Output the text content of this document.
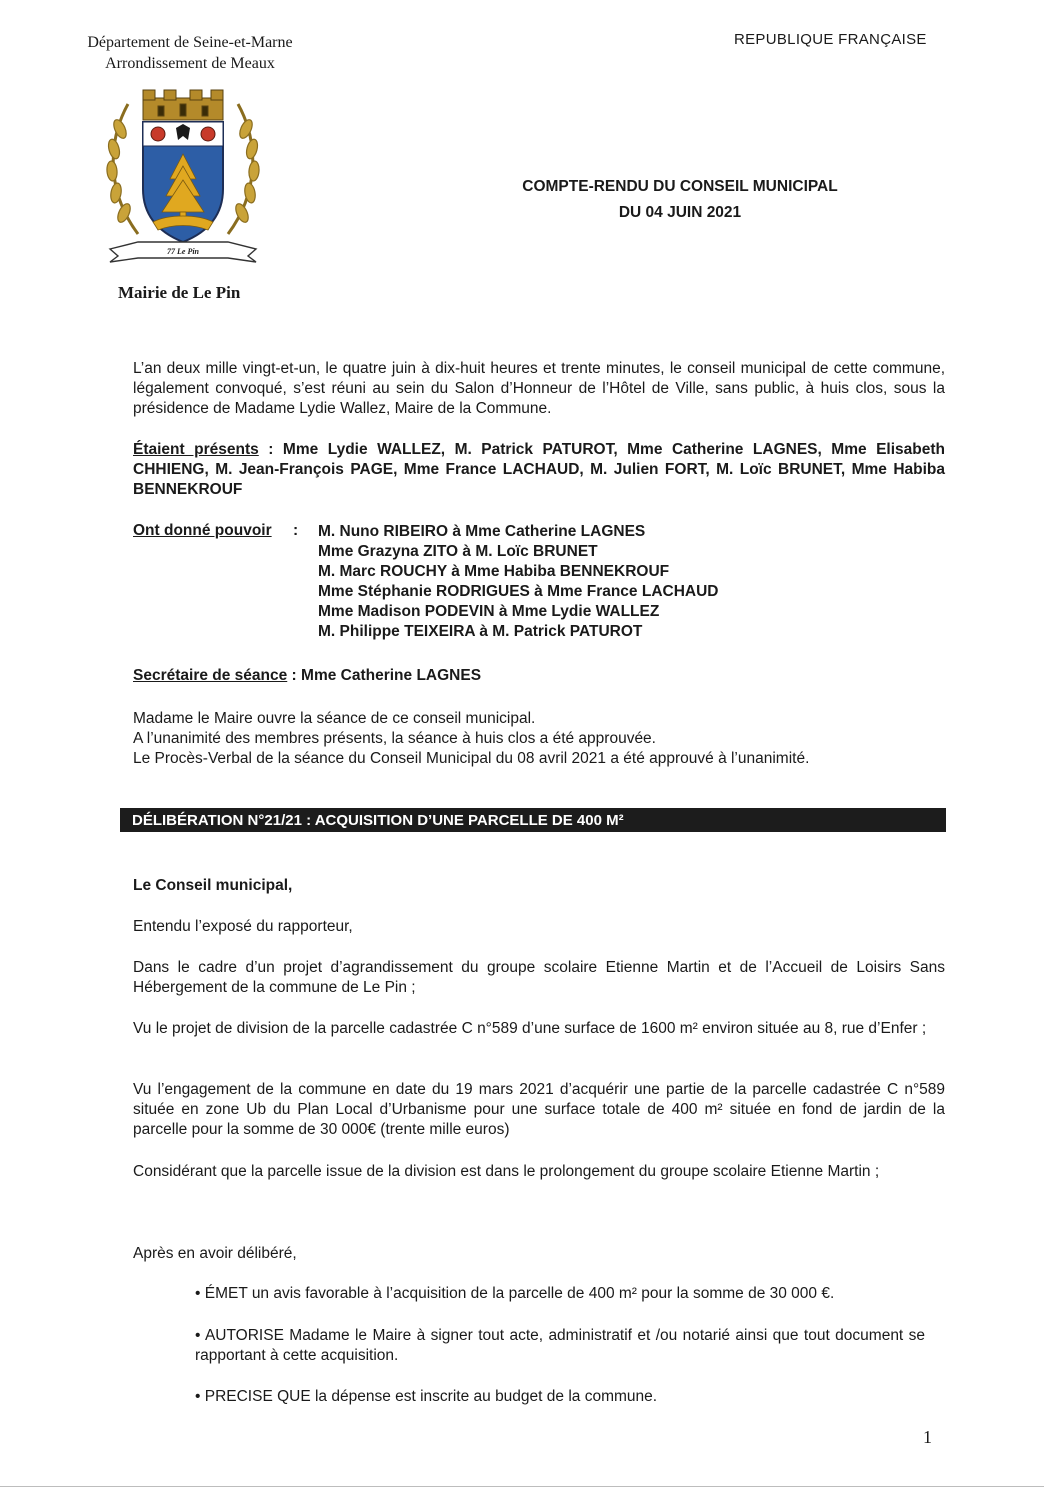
Département de Seine-et-Marne
Arrondissement de Meaux
REPUBLIQUE FRANÇAISE
77 Le Pin
Mairie de Le Pin
COMPTE-RENDU DU CONSEIL MUNICIPAL
DU 04 JUIN 2021
L’an deux mille vingt-et-un, le quatre juin à dix-huit heures et trente minutes, le conseil municipal de cette commune, légalement convoqué, s’est réuni au sein du Salon d’Honneur de l’Hôtel de Ville, sans public, à huis clos, sous la présidence de Madame Lydie Wallez, Maire de la Commune.
Étaient présents : Mme Lydie WALLEZ, M. Patrick PATUROT, Mme Catherine LAGNES, Mme Elisabeth CHHIENG, M. Jean-François PAGE, Mme France LACHAUD, M. Julien FORT, M. Loïc BRUNET, Mme Habiba BENNEKROUF
Ont donné pouvoir : M. Nuno RIBEIRO à Mme Catherine LAGNES
Mme Grazyna ZITO à M. Loïc BRUNET
M. Marc ROUCHY à Mme Habiba BENNEKROUF
Mme Stéphanie RODRIGUES à Mme France LACHAUD
Mme Madison PODEVIN à Mme Lydie WALLEZ
M. Philippe TEIXEIRA à M. Patrick PATUROT
Secrétaire de séance : Mme Catherine LAGNES
Madame le Maire ouvre la séance de ce conseil municipal.
A l’unanimité des membres présents, la séance à huis clos a été approuvée.
Le Procès-Verbal de la séance du Conseil Municipal du 08 avril 2021 a été approuvé à l’unanimité.
DÉLIBÉRATION N°21/21 : ACQUISITION D’UNE PARCELLE DE 400 M²
Le Conseil municipal,
Entendu l’exposé du rapporteur,
Dans le cadre d’un projet d’agrandissement du groupe scolaire Etienne Martin et de l’Accueil de Loisirs Sans Hébergement de la commune de Le Pin ;
Vu le projet de division de la parcelle cadastrée C n°589 d’une surface de 1600 m² environ située au 8, rue d’Enfer ;
Vu l’engagement de la commune en date du 19 mars 2021 d’acquérir une partie de la parcelle cadastrée C n°589 située en zone Ub du Plan Local d’Urbanisme pour une surface totale de 400 m² située en fond de jardin de la parcelle pour la somme de 30 000€ (trente mille euros)
Considérant que la parcelle issue de la division est dans le prolongement du groupe scolaire Etienne Martin ;
Après en avoir délibéré,
• ÉMET un avis favorable à l’acquisition de la parcelle de 400 m² pour la somme de 30 000 €.
• AUTORISE Madame le Maire à signer tout acte, administratif et /ou notarié ainsi que tout document se rapportant à cette acquisition.
• PRECISE QUE la dépense est inscrite au budget de la commune.
1
